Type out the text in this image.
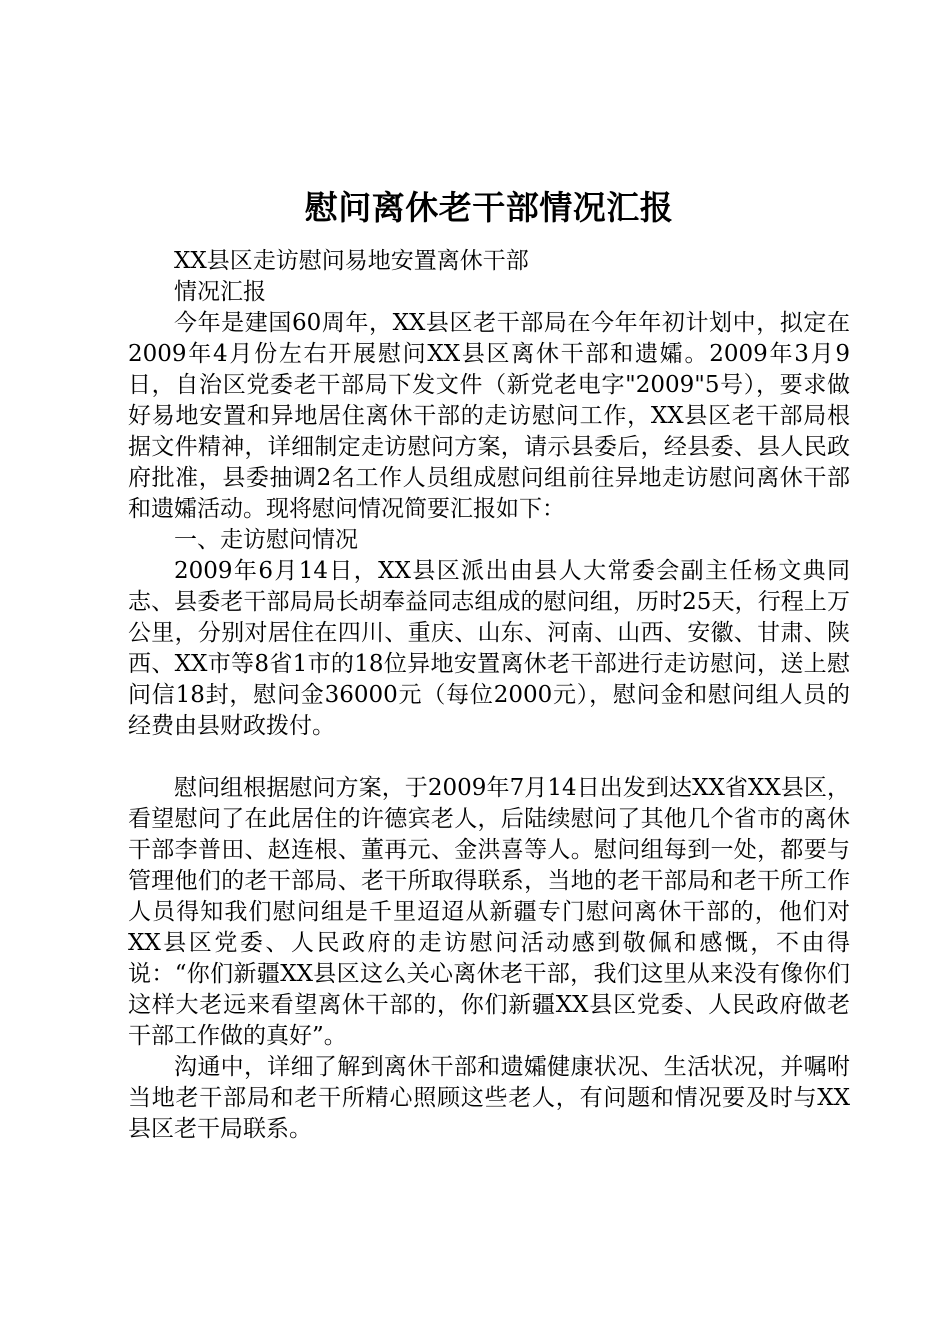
慰问离休老干部情况汇报

XX县区走访慰问易地安置离休干部

情况汇报

今年是建国60周年，XX县区老干部局在今年年初计划中，拟定在2009年4月份左右开展慰问XX县区离休干部和遗孀。2009年3月9日，自治区党委老干部局下发文件（新党老电字"2009"5号），要求做好易地安置和异地居住离休干部的走访慰问工作，XX县区老干部局根据文件精神，详细制定走访慰问方案，请示县委后，经县委、县人民政府批准，县委抽调2名工作人员组成慰问组前往异地走访慰问离休干部和遗孀活动。现将慰问情况简要汇报如下：

一、走访慰问情况

2009年6月14日，XX县区派出由县人大常委会副主任杨文典同志、县委老干部局局长胡奉益同志组成的慰问组，历时25天，行程上万公里，分别对居住在四川、重庆、山东、河南、山西、安徽、甘肃、陕西、XX市等8省1市的18位异地安置离休老干部进行走访慰问，送上慰问信18封，慰问金36000元（每位2000元），慰问金和慰问组人员的经费由县财政拨付。

慰问组根据慰问方案，于2009年7月14日出发到达XX省XX县区，看望慰问了在此居住的许德宾老人，后陆续慰问了其他几个省市的离休干部李普田、赵连根、董再元、金洪喜等人。慰问组每到一处，都要与管理他们的老干部局、老干所取得联系，当地的老干部局和老干所工作人员得知我们慰问组是千里迢迢从新疆专门慰问离休干部的，他们对XX县区党委、人民政府的走访慰问活动感到敬佩和感慨，不由得说：“你们新疆XX县区这么关心离休老干部，我们这里从来没有像你们这样大老远来看望离休干部的，你们新疆XX县区党委、人民政府做老干部工作做的真好”。

沟通中，详细了解到离休干部和遗孀健康状况、生活状况，并嘱咐当地老干部局和老干所精心照顾这些老人，有问题和情况要及时与XX县区老干局联系。
